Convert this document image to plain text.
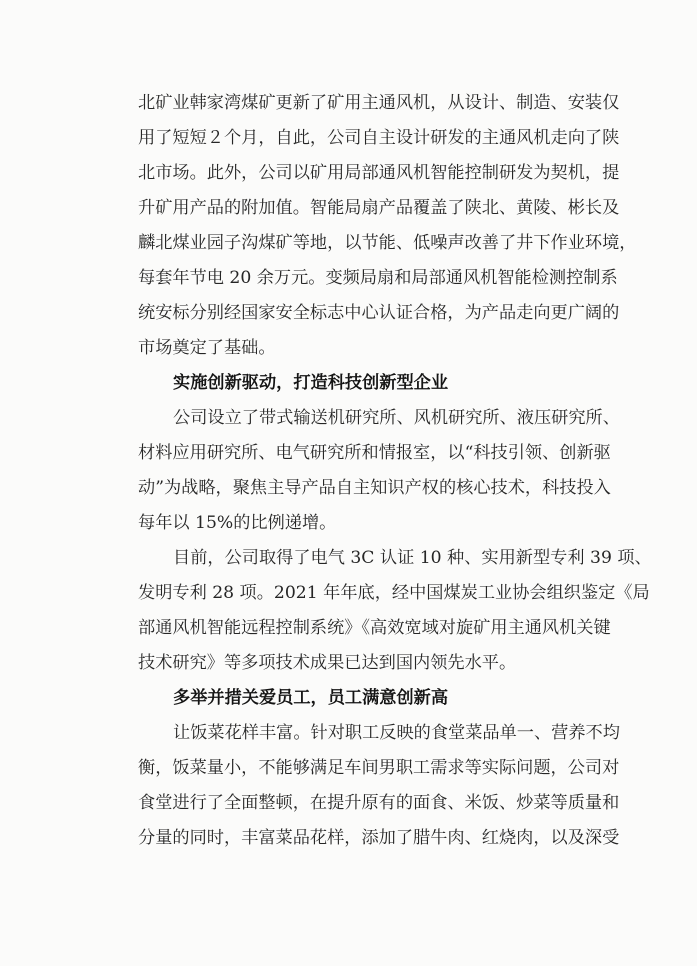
北矿业韩家湾煤矿更新了矿用主通风机，从设计、制造、安装仅
用了短短２个月，自此，公司自主设计研发的主通风机走向了陕
北市场。此外，公司以矿用局部通风机智能控制研发为契机，提
升矿用产品的附加值。智能局扇产品覆盖了陕北、黄陵、彬长及
麟北煤业园子沟煤矿等地，以节能、低噪声改善了井下作业环境，
每套年节电 20 余万元。变频局扇和局部通风机智能检测控制系
统安标分别经国家安全标志中心认证合格，为产品走向更广阔的
市场奠定了基础。
实施创新驱动，打造科技创新型企业
公司设立了带式输送机研究所、风机研究所、液压研究所、
材料应用研究所、电气研究所和情报室，以“科技引领、创新驱
动”为战略，聚焦主导产品自主知识产权的核心技术，科技投入
每年以 15%的比例递增。
目前，公司取得了电气 3C 认证 10 种、实用新型专利 39 项、
发明专利 28 项。2021 年年底，经中国煤炭工业协会组织鉴定《局
部通风机智能远程控制系统》《高效宽域对旋矿用主通风机关键
技术研究》等多项技术成果已达到国内领先水平。
多举并措关爱员工，员工满意创新高
让饭菜花样丰富。针对职工反映的食堂菜品单一、营养不均
衡，饭菜量小，不能够满足车间男职工需求等实际问题，公司对
食堂进行了全面整顿，在提升原有的面食、米饭、炒菜等质量和
分量的同时，丰富菜品花样，添加了腊牛肉、红烧肉，以及深受
